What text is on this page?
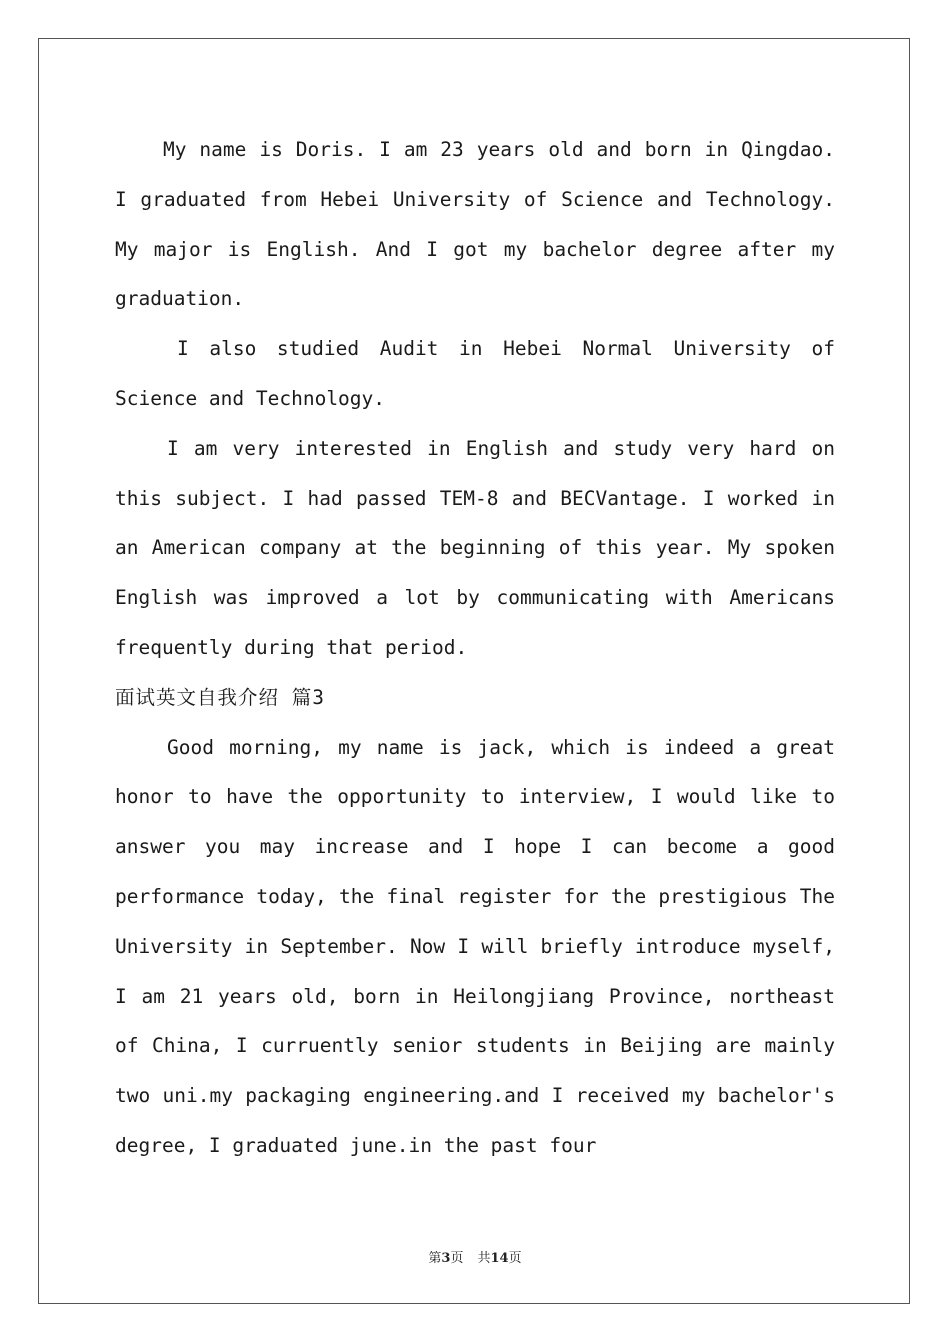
My name is Doris. I am 23 years old and born in Qingdao. I graduated from Hebei University of Science and Technology. My major is English. And I got my bachelor degree after my graduation.

I also studied Audit in Hebei Normal University of Science and Technology.

I am very interested in English and study very hard on this subject. I had passed TEM-8 and BECVantage. I worked in an American company at the beginning of this year. My spoken English was improved a lot by communicating with Americans frequently during that period.

面试英文自我介绍 篇3

Good morning, my name is jack, which is indeed a great honor to have the opportunity to interview, I would like to answer you may increase and I hope I can become a good performance today, the final register for the prestigious The University in September. Now I will briefly introduce myself, I am 21 years old, born in Heilongjiang Province, northeast of China, I curruently senior students in Beijing are mainly two uni.my packaging engineering.and I received my bachelor's degree, I graduated june.in the past four

第3页 共14页
